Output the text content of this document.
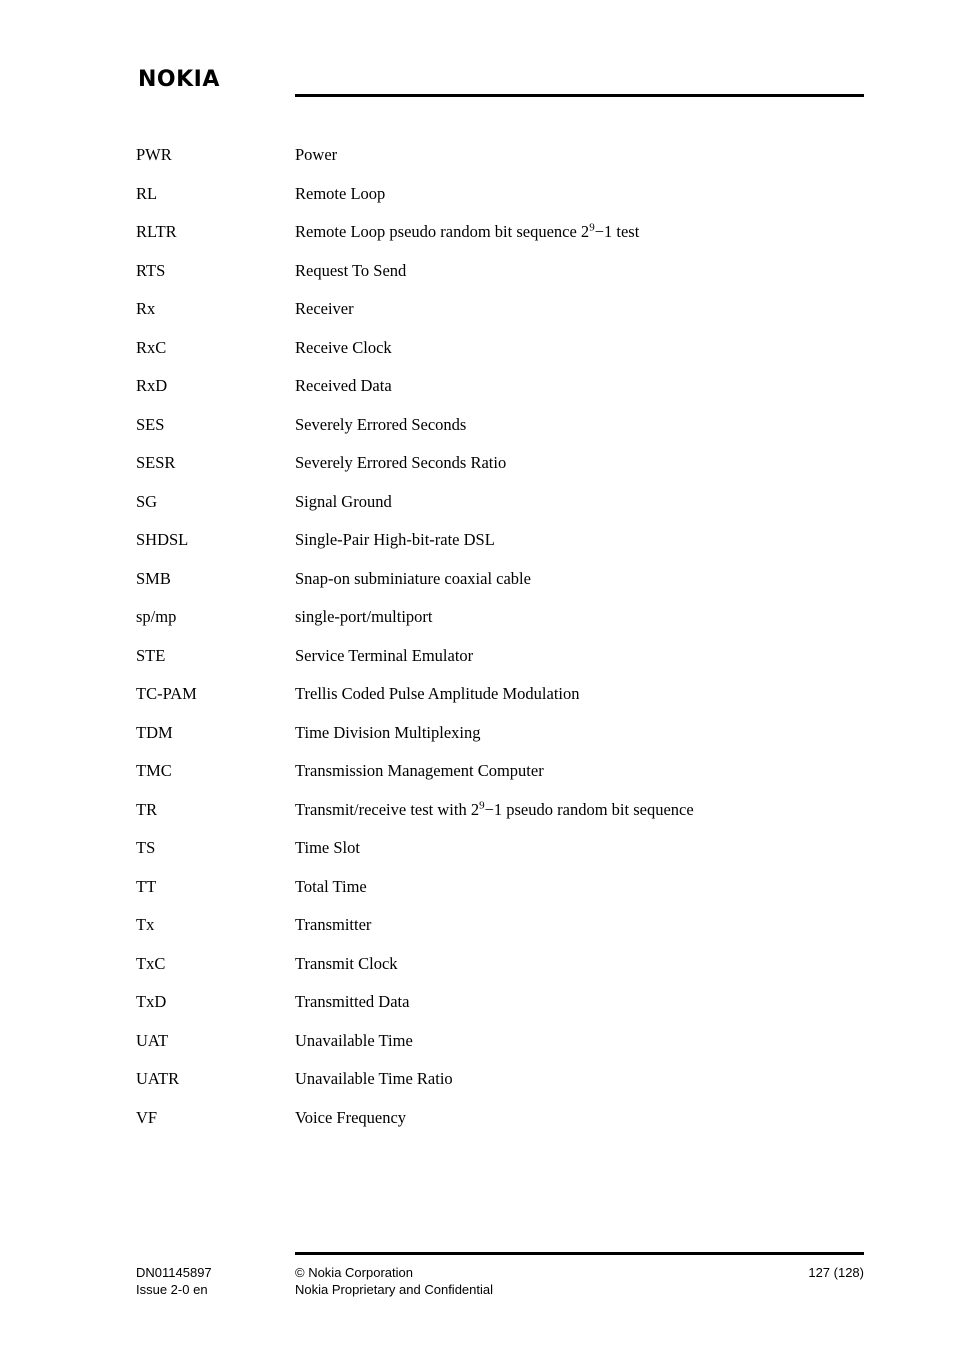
NOKIA
PWR	Power
RL	Remote Loop
RLTR	Remote Loop pseudo random bit sequence $2^9-1$ test
RTS	Request To Send
Rx	Receiver
RxC	Receive Clock
RxD	Received Data
SES	Severely Errored Seconds
SESR	Severely Errored Seconds Ratio
SG	Signal Ground
SHDSL	Single-Pair High-bit-rate DSL
SMB	Snap-on subminiature coaxial cable
sp/mp	single-port/multiport
STE	Service Terminal Emulator
TC-PAM	Trellis Coded Pulse Amplitude Modulation
TDM	Time Division Multiplexing
TMC	Transmission Management Computer
TR	Transmit/receive test with $2^9-1$ pseudo random bit sequence
TS	Time Slot
TT	Total Time
Tx	Transmitter
TxC	Transmit Clock
TxD	Transmitted Data
UAT	Unavailable Time
UATR	Unavailable Time Ratio
VF	Voice Frequency
DN01145897
Issue 2-0 en
© Nokia Corporation
Nokia Proprietary and Confidential
127 (128)
